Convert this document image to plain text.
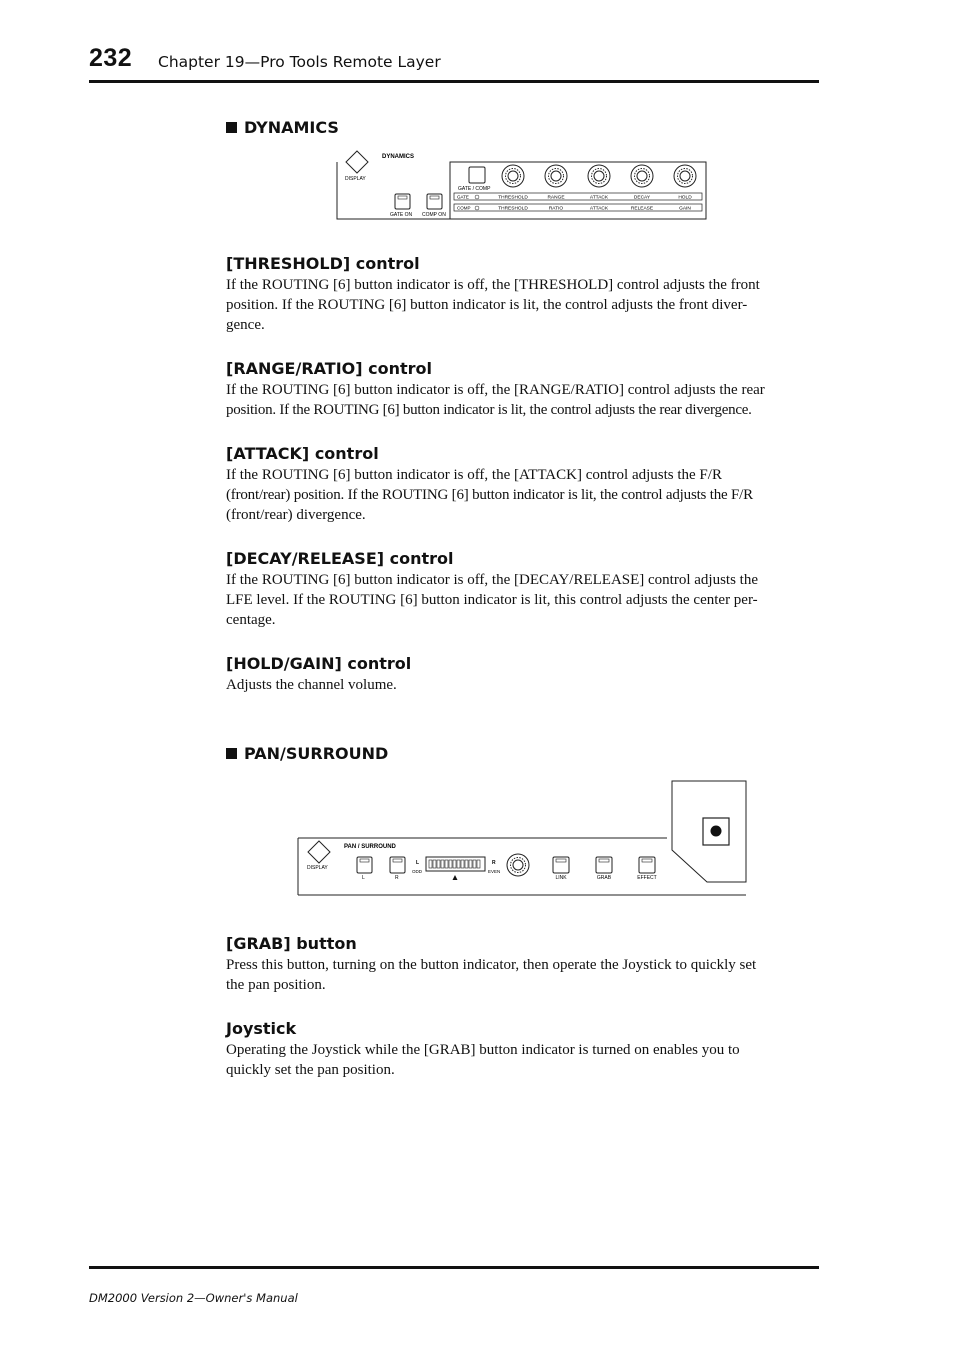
232 Chapter 19—Pro Tools Remote Layer
DYNAMICS
DISPLAY
DYNAMICS
GATE ON COMP ON
GATE / COMP
GATE
COMP
THRESHOLD	RANGE	ATTACK	DECAY	HOLD
THRESHOLD	RATIO	ATTACK	RELEASE	GAIN
[THRESHOLD] control
If the ROUTING [6] button indicator is off, the [THRESHOLD] control adjusts the front
position. If the ROUTING [6] button indicator is lit, the control adjusts the front diver-
gence.
[RANGE/RATIO] control
If the ROUTING [6] button indicator is off, the [RANGE/RATIO] control adjusts the rear
position. If the ROUTING [6] button indicator is lit, the control adjusts the rear divergence.
[ATTACK] control
If the ROUTING [6] button indicator is off, the [ATTACK] control adjusts the F/R
(front/rear) position. If the ROUTING [6] button indicator is lit, the control adjusts the F/R
(front/rear) divergence.
[DECAY/RELEASE] control
If the ROUTING [6] button indicator is off, the [DECAY/RELEASE] control adjusts the
LFE level. If the ROUTING [6] button indicator is lit, this control adjusts the center per-
centage.
[HOLD/GAIN] control
Adjusts the channel volume.
PAN/SURROUND
DISPLAY
PAN / SURROUND
L	R
L
ODD
R
EVEN
LINK	GRAB	EFFECT
[GRAB] button
Press this button, turning on the button indicator, then operate the Joystick to quickly set
the pan position.
Joystick
Operating the Joystick while the [GRAB] button indicator is turned on enables you to
quickly set the pan position.
DM2000 Version 2—Owner's Manual
